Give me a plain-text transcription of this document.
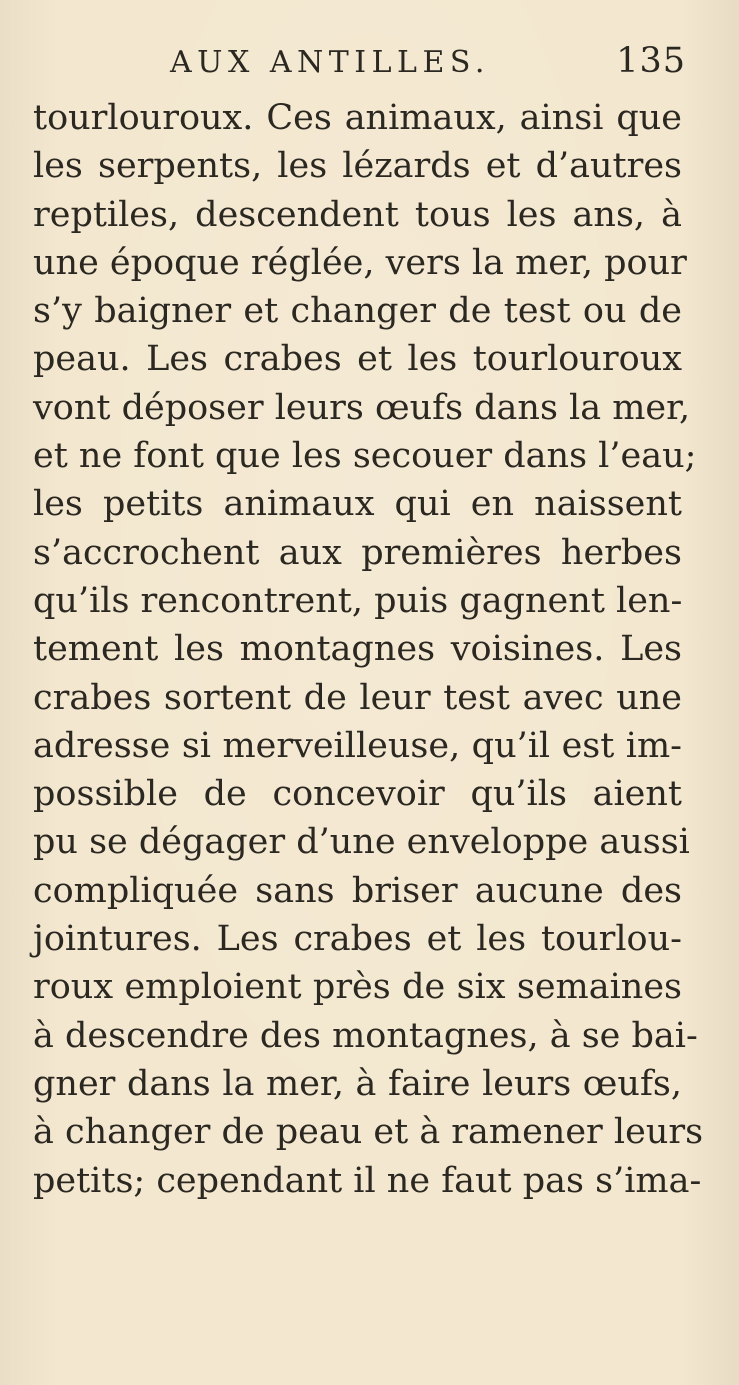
AUX ANTILLES.	135
tourlouroux. Ces animaux, ainsi que
les serpents, les lézards et d’autres
reptiles, descendent tous les ans, à
une époque réglée, vers la mer, pour
s’y baigner et changer de test ou de
peau. Les crabes et les tourlouroux
vont déposer leurs œufs dans la mer,
et ne font que les secouer dans l’eau;
les petits animaux qui en naissent
s’accrochent aux premières herbes
qu’ils rencontrent, puis gagnent len-
tement les montagnes voisines. Les
crabes sortent de leur test avec une
adresse si merveilleuse, qu’il est im-
possible de concevoir qu’ils aient
pu se dégager d’une enveloppe aussi
compliquée sans briser aucune des
jointures. Les crabes et les tourlou-
roux emploient près de six semaines
à descendre des montagnes, à se bai-
gner dans la mer, à faire leurs œufs,
à changer de peau et à ramener leurs
petits; cependant il ne faut pas s’ima-
